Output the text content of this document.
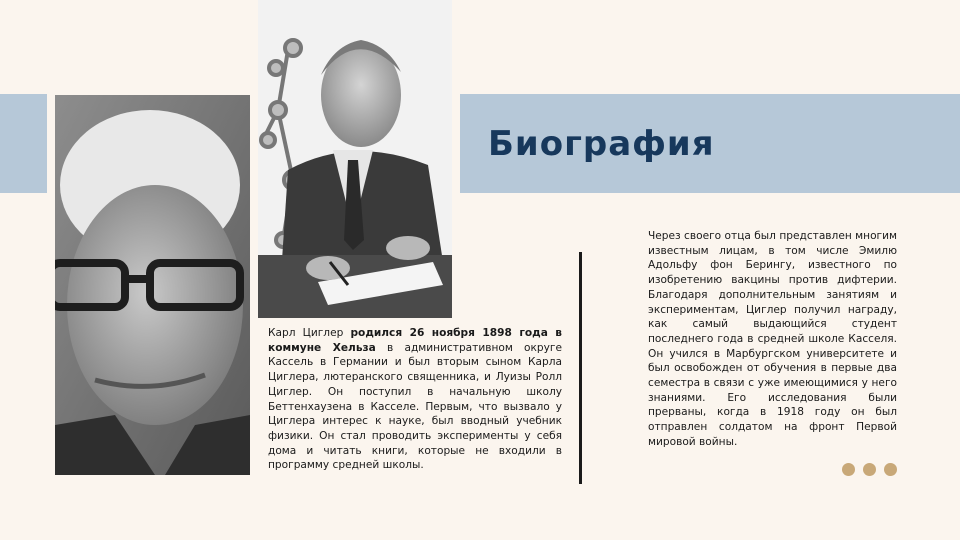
Биография

Карл Циглер родился 26 ноября 1898 года в коммуне Хельза в административном округе Кассель в Германии и был вторым сыном Карла Циглера, лютеранского священника, и Луизы Ролл Циглер. Он поступил в начальную школу Беттенхаузена в Касселе. Первым, что вызвало у Циглера интерес к науке, был вводный учебник физики. Он стал проводить эксперименты у себя дома и читать книги, которые не входили в программу средней школы.

Через своего отца был представлен многим известным лицам, в том числе Эмилю Адольфу фон Берингу, известного по изобретению вакцины против дифтерии. Благодаря дополнительным занятиям и экспериментам, Циглер получил награду, как самый выдающийся студент последнего года в средней школе Касселя. Он учился в Марбургском университете и был освобожден от обучения в первые два семестра в связи с уже имеющимися у него знаниями. Его исследования были прерваны, когда в 1918 году он был отправлен солдатом на фронт Первой мировой войны.
